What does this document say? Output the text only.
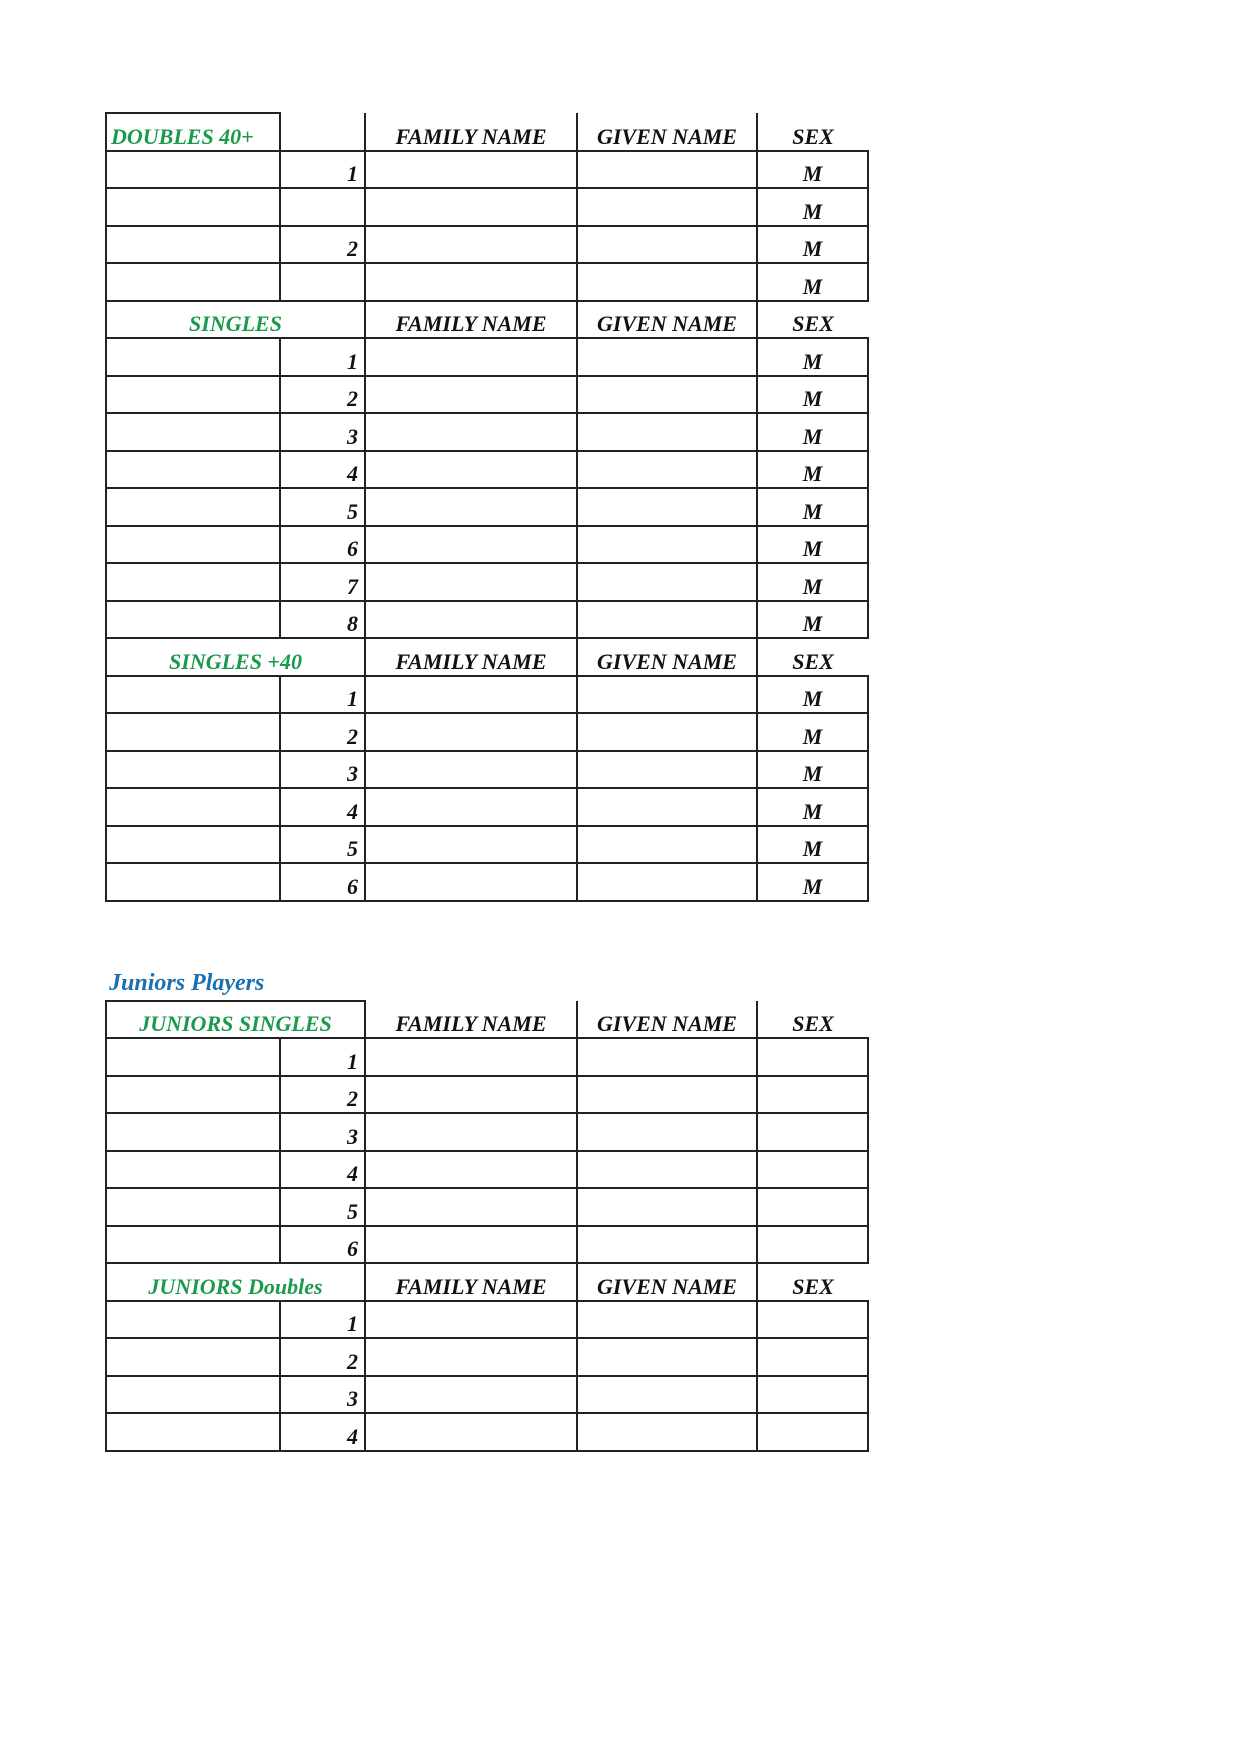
DOUBLES 40+		FAMILY NAME	GIVEN NAME	SEX
	1			M
				M
	2			M
				M
SINGLES		FAMILY NAME	GIVEN NAME	SEX
	1			M
	2			M
	3			M
	4			M
	5			M
	6			M
	7			M
	8			M
SINGLES +40		FAMILY NAME	GIVEN NAME	SEX
	1			M
	2			M
	3			M
	4			M
	5			M
	6			M
Juniors Players
JUNIORS SINGLES		FAMILY NAME	GIVEN NAME	SEX
	1			
	2			
	3			
	4			
	5			
	6			
JUNIORS Doubles		FAMILY NAME	GIVEN NAME	SEX
	1			
	2			
	3			
	4			
